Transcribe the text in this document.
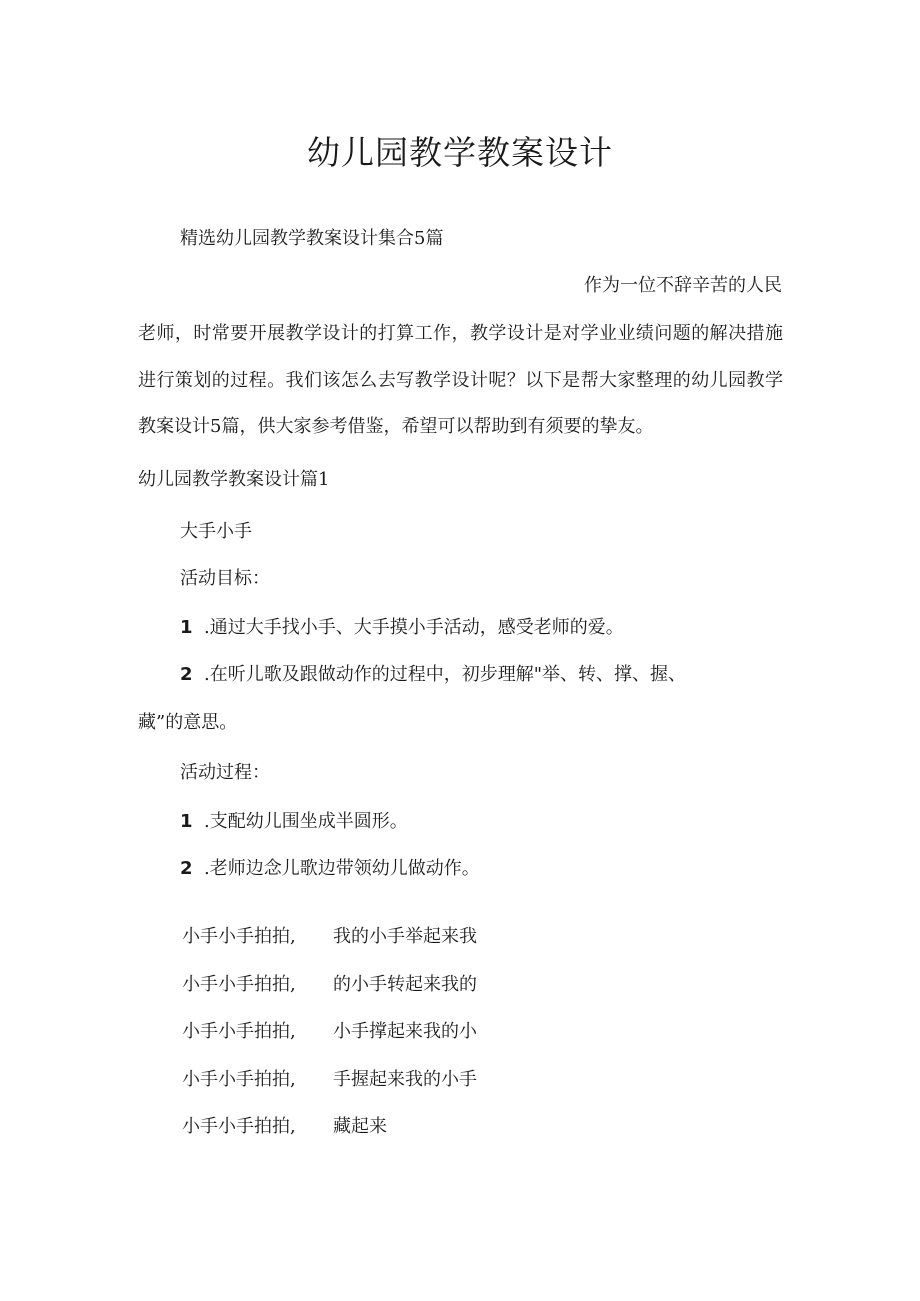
幼儿园教学教案设计
精选幼儿园教学教案设计集合5篇
作为一位不辞辛苦的人民
老师，时常要开展教学设计的打算工作，教学设计是对学业业绩问题的解决措施
进行策划的过程。我们该怎么去写教学设计呢？以下是帮大家整理的幼儿园教学
教案设计5篇，供大家参考借鉴，希望可以帮助到有须要的挚友。
幼儿园教学教案设计篇1
大手小手
活动目标：
1 .通过大手找小手、大手摸小手活动，感受老师的爱。
2 .在听儿歌及跟做动作的过程中，初步理解"举、转、撑、握、
藏”的意思。
活动过程：
1 .支配幼儿围坐成半圆形。
2 .老师边念儿歌边带领幼儿做动作。
小手小手拍拍, 我的小手举起来我
小手小手拍拍, 的小手转起来我的
小手小手拍拍, 小手撑起来我的小
小手小手拍拍, 手握起来我的小手
小手小手拍拍, 藏起来
